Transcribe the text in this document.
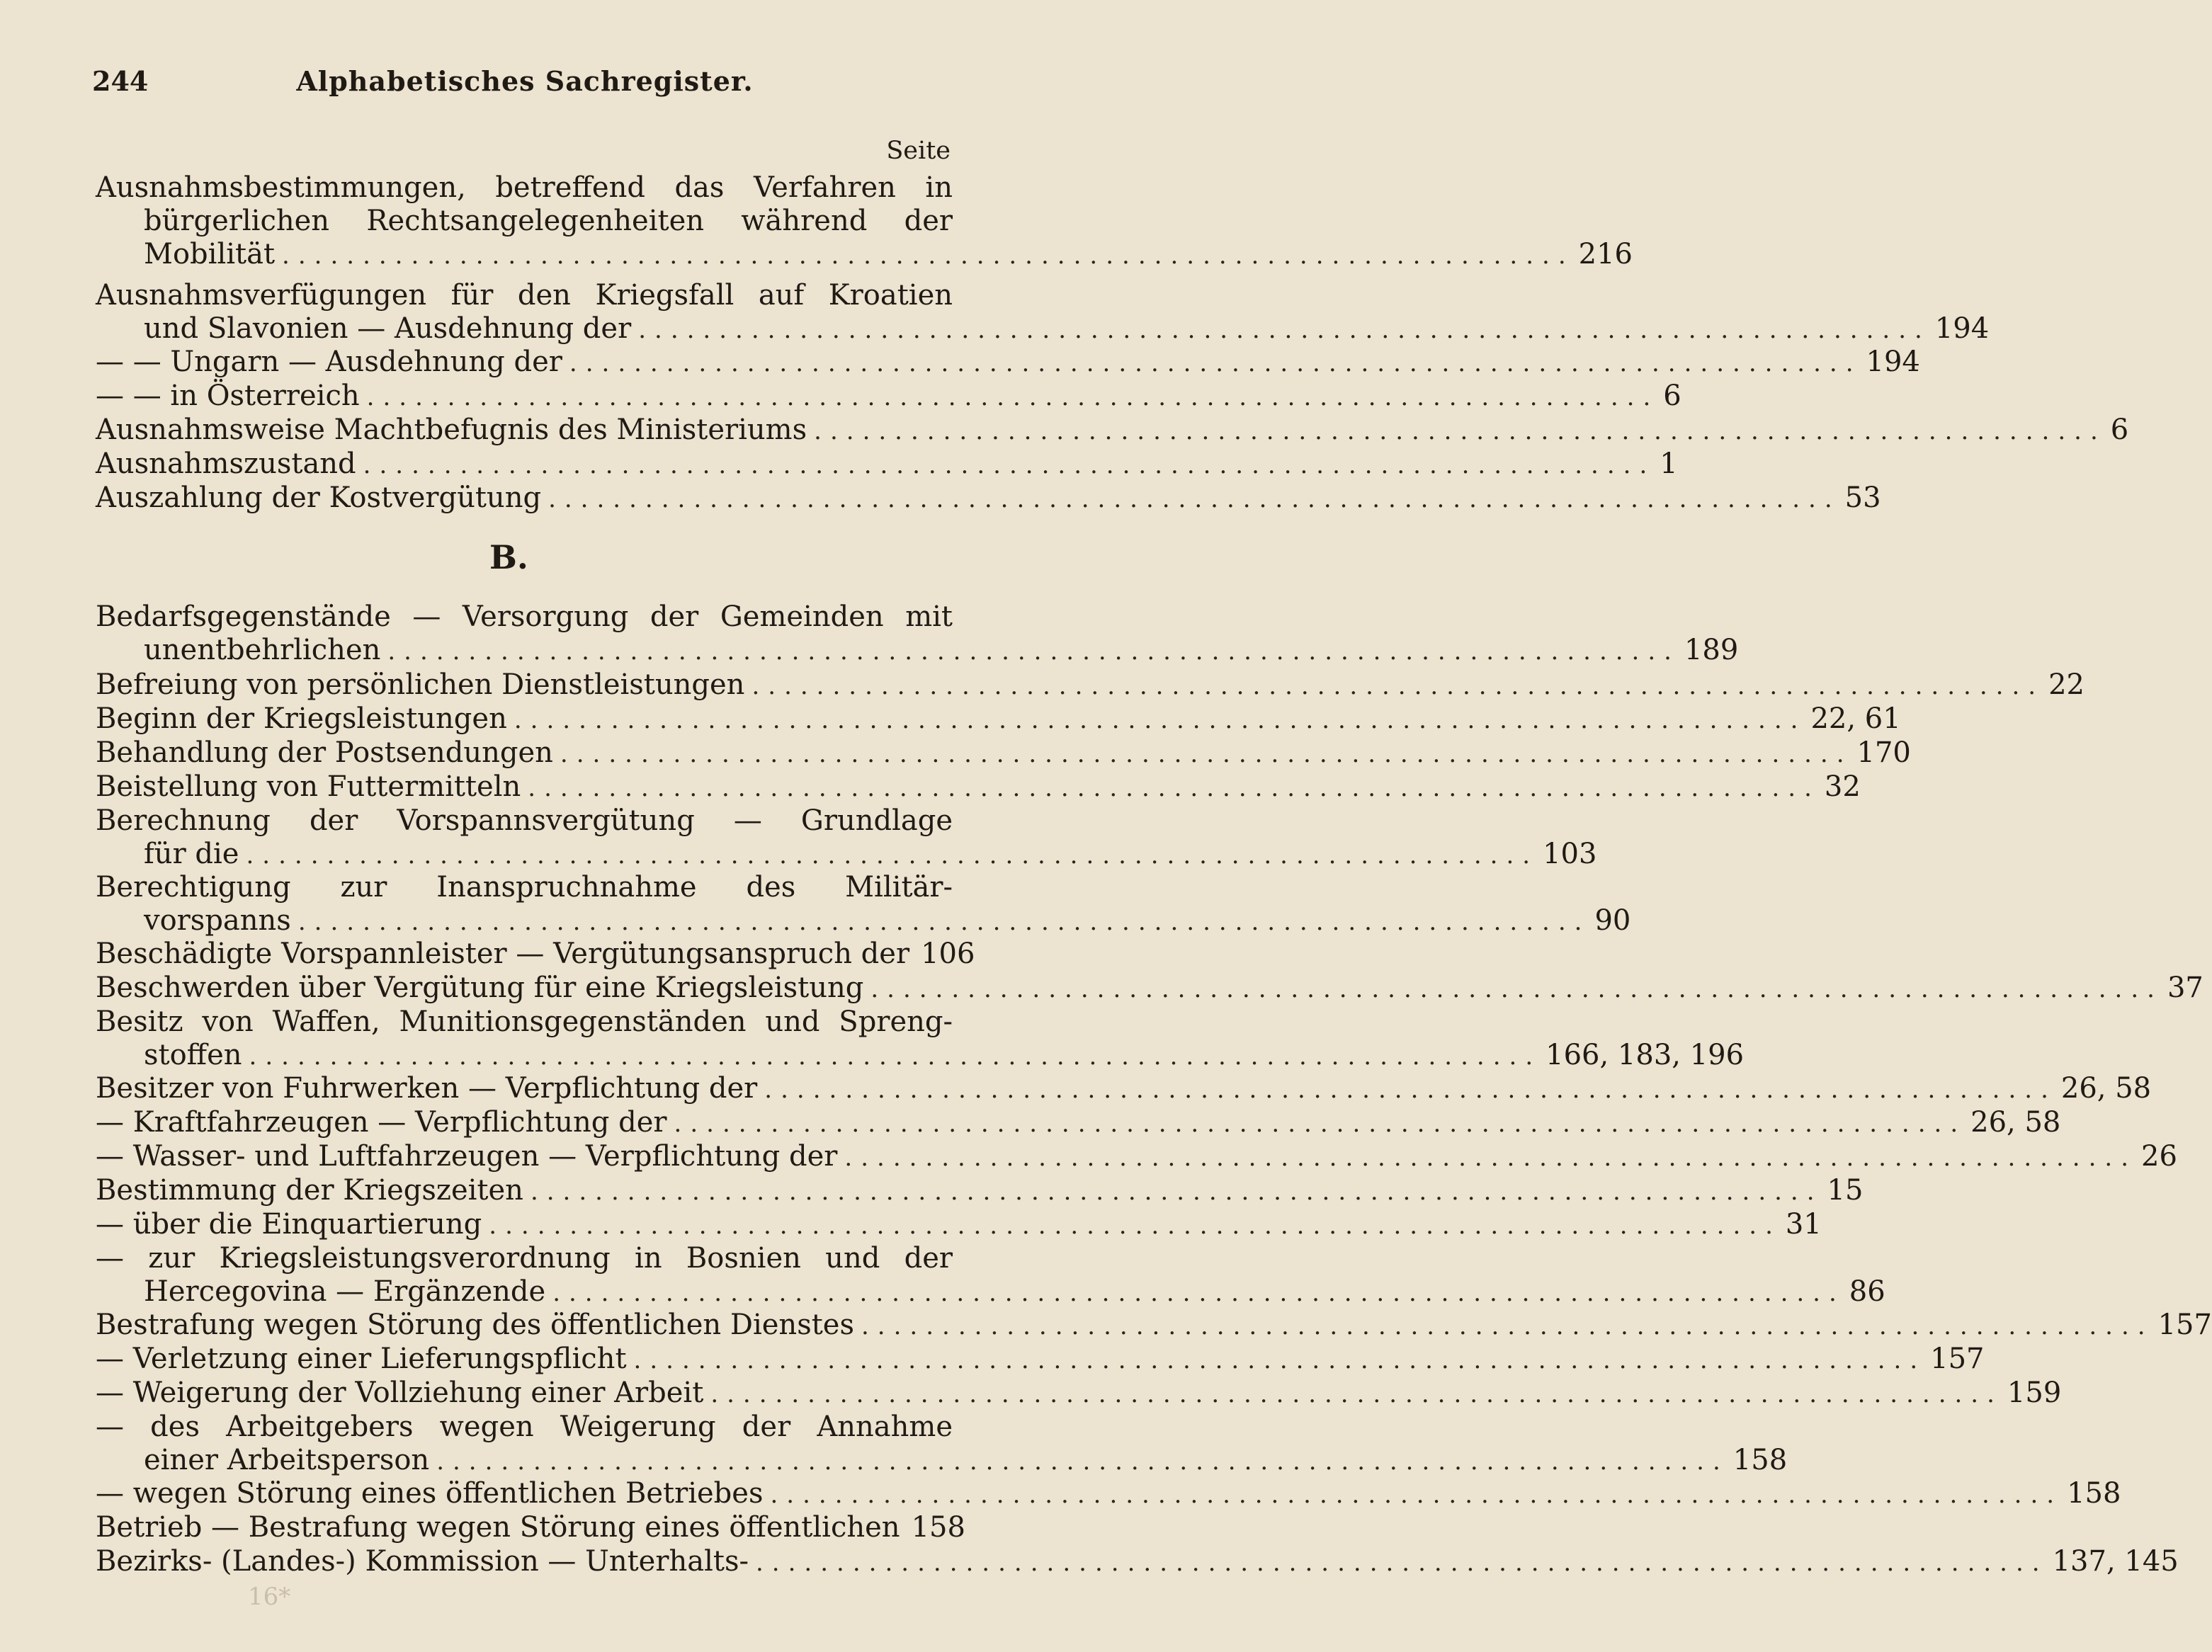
244	Alphabetisches Sachregister.
Seite
B.
Ausnahmsbestimmungen, betreffend das Verfahren in
bürgerlichen Rechtsangelegenheiten während der
Mobilität ................................................................................ 216
Ausnahmsverfügungen für den Kriegsfall auf Kroatien
und Slavonien — Ausdehnung der ................................................................................ 194
— — Ungarn — Ausdehnung der ................................................................................ 194
— — in Österreich ................................................................................ 6
Ausnahmsweise Machtbefugnis des Ministeriums ................................................................................ 6
Ausnahmszustand ................................................................................ 1
Auszahlung der Kostvergütung ................................................................................ 53
Bedarfsgegenstände — Versorgung der Gemeinden mit
unentbehrlichen ................................................................................ 189
Befreiung von persönlichen Dienstleistungen ................................................................................ 22
Beginn der Kriegsleistungen ................................................................................ 22, 61
Behandlung der Postsendungen ................................................................................ 170
Beistellung von Futtermitteln ................................................................................ 32
Berechnung der Vorspannsvergütung — Grundlage
für die ................................................................................ 103
Berechtigung zur Inanspruchnahme des Militär-
vorspanns ................................................................................ 90
Beschädigte Vorspannleister — Vergütungsanspruch der 106
Beschwerden über Vergütung für eine Kriegsleistung ................................................................................ 37
Besitz von Waffen, Munitionsgegenständen und Spreng-
stoffen ................................................................................ 166, 183, 196
Besitzer von Fuhrwerken — Verpflichtung der ................................................................................ 26, 58
— Kraftfahrzeugen — Verpflichtung der ................................................................................ 26, 58
— Wasser- und Luftfahrzeugen — Verpflichtung der ................................................................................ 26
Bestimmung der Kriegszeiten ................................................................................ 15
— über die Einquartierung ................................................................................ 31
— zur Kriegsleistungsverordnung in Bosnien und der
Hercegovina — Ergänzende ................................................................................ 86
Bestrafung wegen Störung des öffentlichen Dienstes ................................................................................ 157
— Verletzung einer Lieferungspflicht ................................................................................ 157
— Weigerung der Vollziehung einer Arbeit ................................................................................ 159
— des Arbeitgebers wegen Weigerung der Annahme
einer Arbeitsperson ................................................................................ 158
— wegen Störung eines öffentlichen Betriebes ................................................................................ 158
Betrieb — Bestrafung wegen Störung eines öffentlichen 158
Bezirks- (Landes-) Kommission — Unterhalts- ................................................................................ 137, 145
16*
